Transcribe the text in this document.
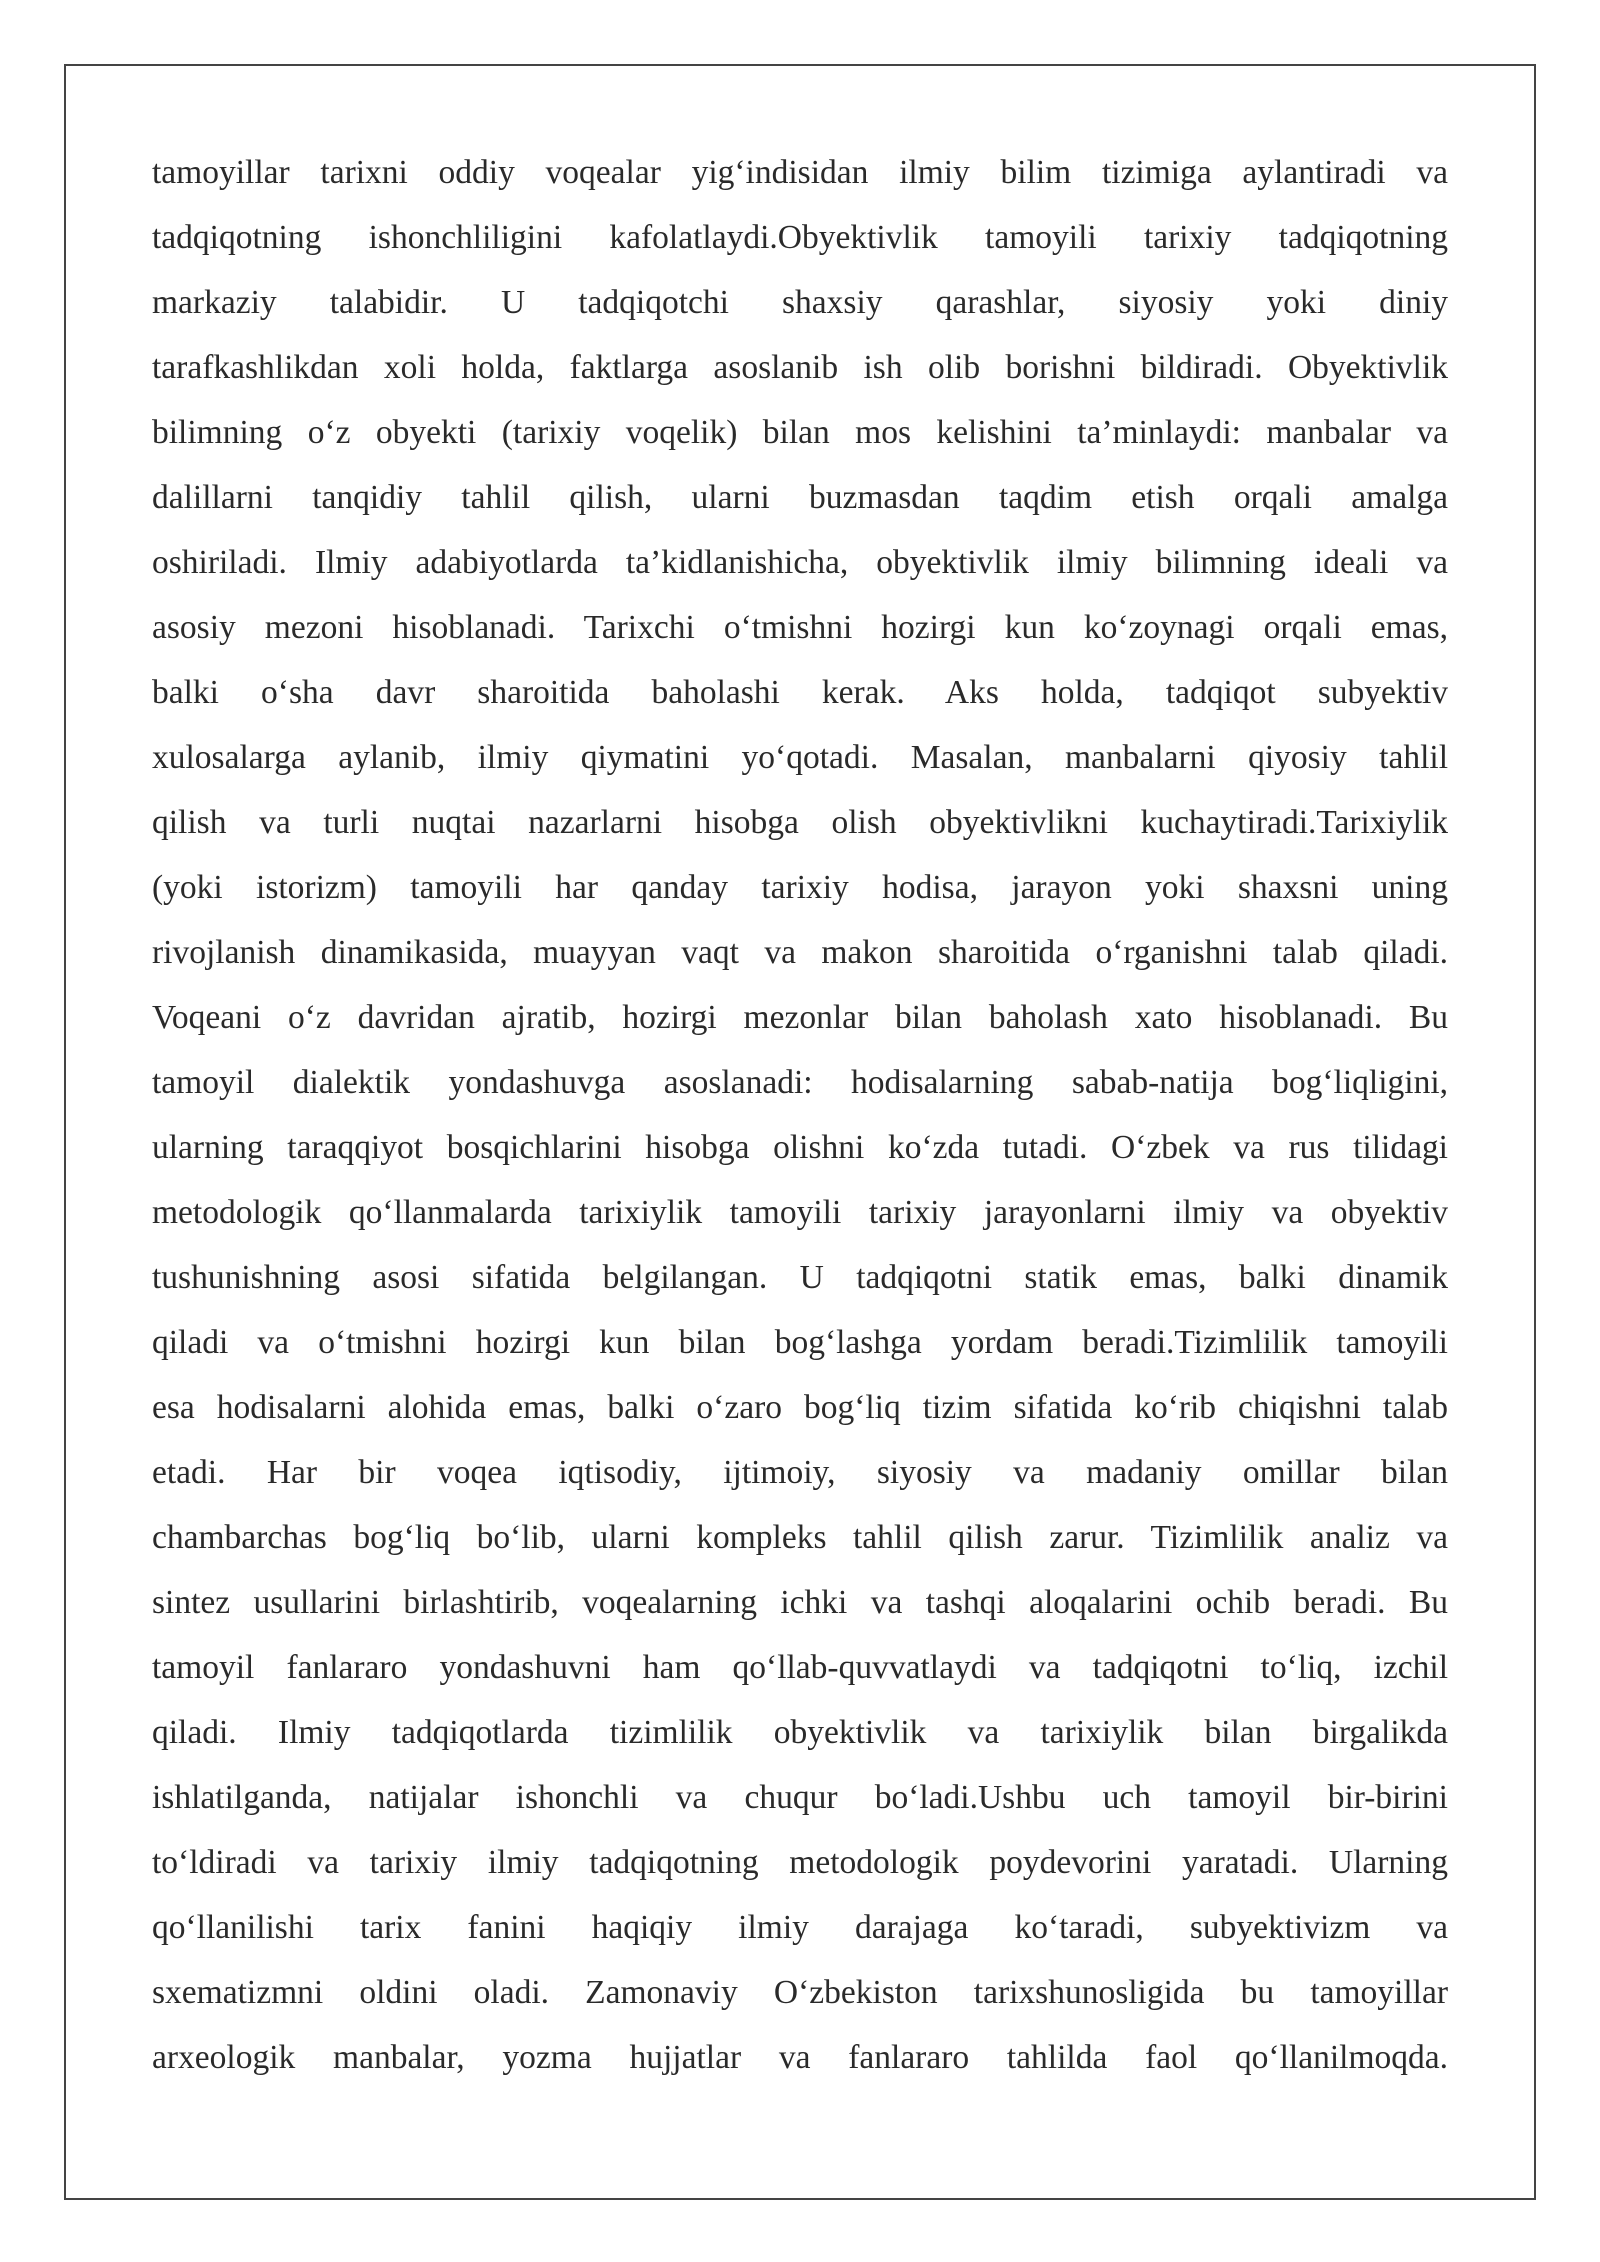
tamoyillar tarixni oddiy voqealar yig‘indisidan ilmiy bilim tizimiga aylantiradi va
tadqiqotning ishonchliligini kafolatlaydi.Obyektivlik tamoyili tarixiy tadqiqotning
markaziy talabidir. U tadqiqotchi shaxsiy qarashlar, siyosiy yoki diniy
tarafkashlikdan xoli holda, faktlarga asoslanib ish olib borishni bildiradi. Obyektivlik
bilimning o‘z obyekti (tarixiy voqelik) bilan mos kelishini ta’minlaydi: manbalar va
dalillarni tanqidiy tahlil qilish, ularni buzmasdan taqdim etish orqali amalga
oshiriladi. Ilmiy adabiyotlarda ta’kidlanishicha, obyektivlik ilmiy bilimning ideali va
asosiy mezoni hisoblanadi. Tarixchi o‘tmishni hozirgi kun ko‘zoynagi orqali emas,
balki o‘sha davr sharoitida baholashi kerak. Aks holda, tadqiqot subyektiv
xulosalarga aylanib, ilmiy qiymatini yo‘qotadi. Masalan, manbalarni qiyosiy tahlil
qilish va turli nuqtai nazarlarni hisobga olish obyektivlikni kuchaytiradi.Tarixiylik
(yoki istorizm) tamoyili har qanday tarixiy hodisa, jarayon yoki shaxsni uning
rivojlanish dinamikasida, muayyan vaqt va makon sharoitida o‘rganishni talab qiladi.
Voqeani o‘z davridan ajratib, hozirgi mezonlar bilan baholash xato hisoblanadi. Bu
tamoyil dialektik yondashuvga asoslanadi: hodisalarning sabab-natija bog‘liqligini,
ularning taraqqiyot bosqichlarini hisobga olishni ko‘zda tutadi. O‘zbek va rus tilidagi
metodologik qo‘llanmalarda tarixiylik tamoyili tarixiy jarayonlarni ilmiy va obyektiv
tushunishning asosi sifatida belgilangan. U tadqiqotni statik emas, balki dinamik
qiladi va o‘tmishni hozirgi kun bilan bog‘lashga yordam beradi.Tizimlilik tamoyili
esa hodisalarni alohida emas, balki o‘zaro bog‘liq tizim sifatida ko‘rib chiqishni talab
etadi. Har bir voqea iqtisodiy, ijtimoiy, siyosiy va madaniy omillar bilan
chambarchas bog‘liq bo‘lib, ularni kompleks tahlil qilish zarur. Tizimlilik analiz va
sintez usullarini birlashtirib, voqealarning ichki va tashqi aloqalarini ochib beradi. Bu
tamoyil fanlararo yondashuvni ham qo‘llab-quvvatlaydi va tadqiqotni to‘liq, izchil
qiladi. Ilmiy tadqiqotlarda tizimlilik obyektivlik va tarixiylik bilan birgalikda
ishlatilganda, natijalar ishonchli va chuqur bo‘ladi.Ushbu uch tamoyil bir-birini
to‘ldiradi va tarixiy ilmiy tadqiqotning metodologik poydevorini yaratadi. Ularning
qo‘llanilishi tarix fanini haqiqiy ilmiy darajaga ko‘taradi, subyektivizm va
sxematizmni oldini oladi. Zamonaviy O‘zbekiston tarixshunosligida bu tamoyillar
arxeologik manbalar, yozma hujjatlar va fanlararo tahlilda faol qo‘llanilmoqda.
